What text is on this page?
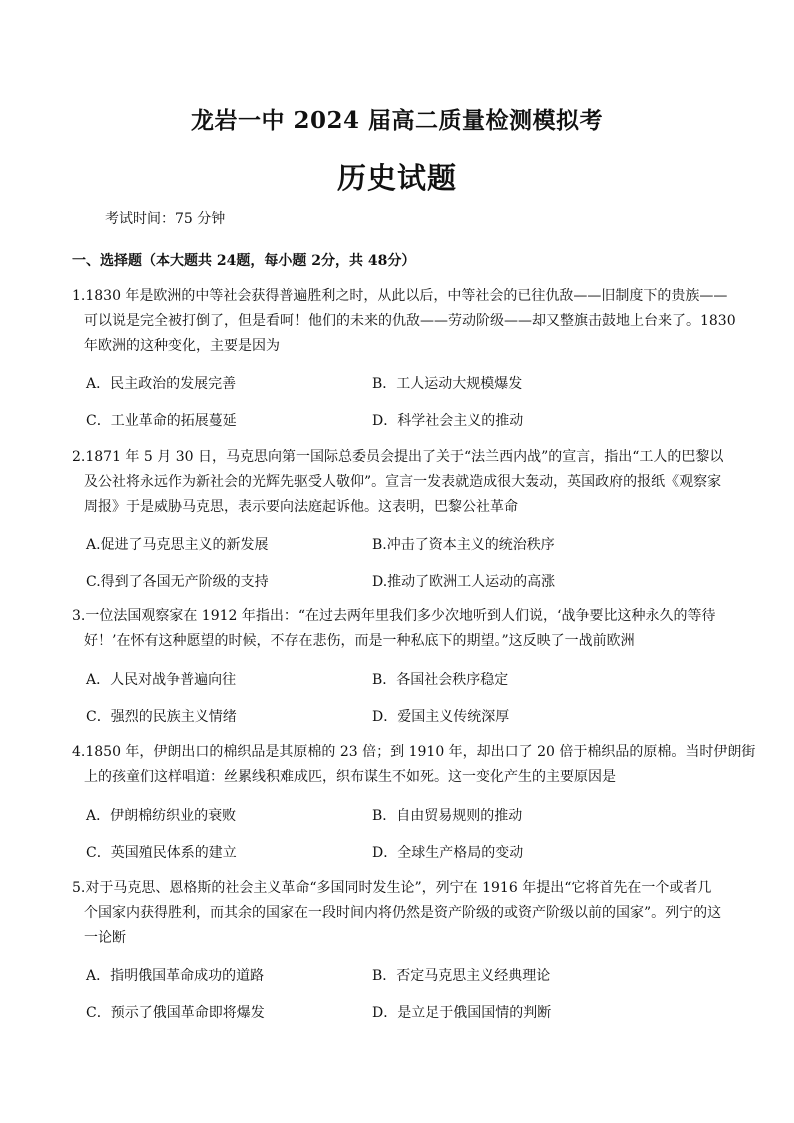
龙岩一中 2024 届高二质量检测模拟考
历史试题
考试时间：75 分钟
一、选择题（本大题共 24题，每小题 2分，共 48分）
1.1830 年是欧洲的中等社会获得普遍胜利之时，从此以后，中等社会的已往仇敌——旧制度下的贵族——
可以说是完全被打倒了，但是看呵！他们的未来的仇敌——劳动阶级——却又整旗击鼓地上台来了。1830
年欧洲的这种变化，主要是因为
A．民主政治的发展完善	B．工人运动大规模爆发
C．工业革命的拓展蔓延	D．科学社会主义的推动
2.1871 年 5 月 30 日，马克思向第一国际总委员会提出了关于“法兰西内战”的宣言，指出“工人的巴黎以
及公社将永远作为新社会的光辉先驱受人敬仰”。宣言一发表就造成很大轰动，英国政府的报纸《观察家
周报》于是威胁马克思，表示要向法庭起诉他。这表明，巴黎公社革命
A.促进了马克思主义的新发展	B.冲击了资本主义的统治秩序
C.得到了各国无产阶级的支持	D.推动了欧洲工人运动的高涨
3.一位法国观察家在 1912 年指出：“在过去两年里我们多少次地听到人们说，‘战争要比这种永久的等待
好！’在怀有这种愿望的时候，不存在悲伤，而是一种私底下的期望。”这反映了一战前欧洲
A．人民对战争普遍向往	B．各国社会秩序稳定
C．强烈的民族主义情绪	D．爱国主义传统深厚
4.1850 年，伊朗出口的棉织品是其原棉的 23 倍；到 1910 年，却出口了 20 倍于棉织品的原棉。当时伊朗街
上的孩童们这样唱道：丝累线积难成匹，织布谋生不如死。这一变化产生的主要原因是
A．伊朗棉纺织业的衰败	B．自由贸易规则的推动
C．英国殖民体系的建立	D．全球生产格局的变动
5.对于马克思、恩格斯的社会主义革命“多国同时发生论”，列宁在 1916 年提出“它将首先在一个或者几
个国家内获得胜利，而其余的国家在一段时间内将仍然是资产阶级的或资产阶级以前的国家”。列宁的这
一论断
A．指明俄国革命成功的道路	B．否定马克思主义经典理论
C．预示了俄国革命即将爆发	D．是立足于俄国国情的判断
